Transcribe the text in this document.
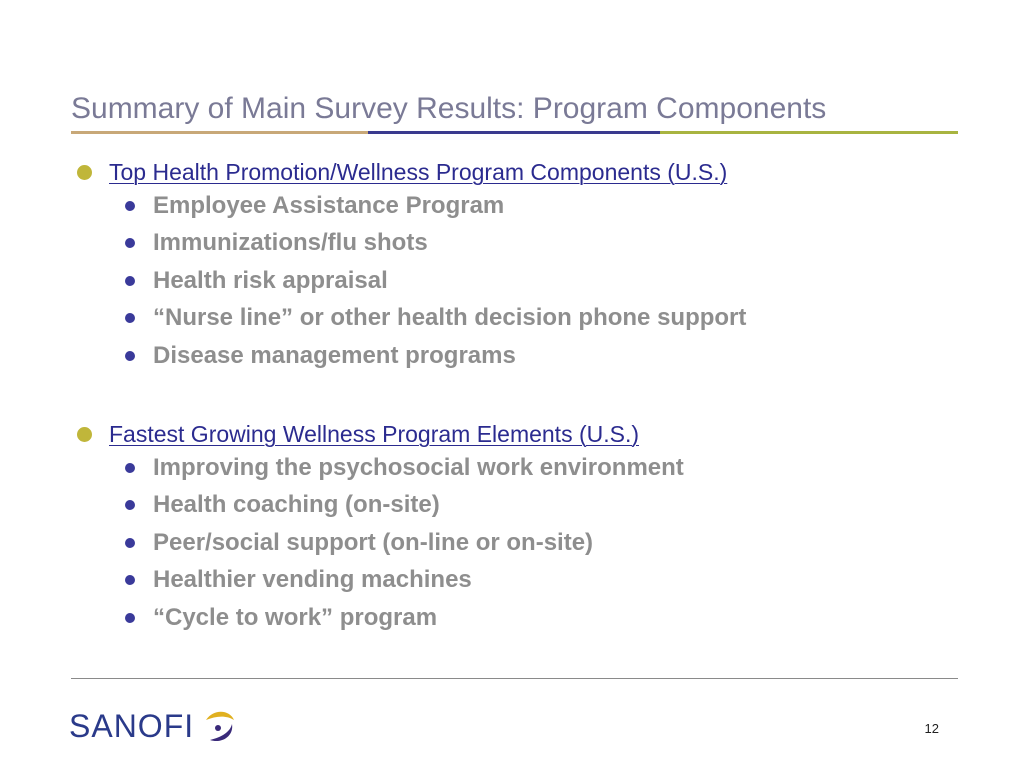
Summary of Main Survey Results: Program Components
Top Health Promotion/Wellness Program Components (U.S.)
Employee Assistance Program
Immunizations/flu shots
Health risk appraisal
“Nurse line” or other health decision phone support
Disease management programs
Fastest Growing Wellness Program Elements (U.S.)
Improving the psychosocial work environment
Health coaching (on-site)
Peer/social support (on-line or on-site)
Healthier vending machines
“Cycle to work” program
SANOFI	12
